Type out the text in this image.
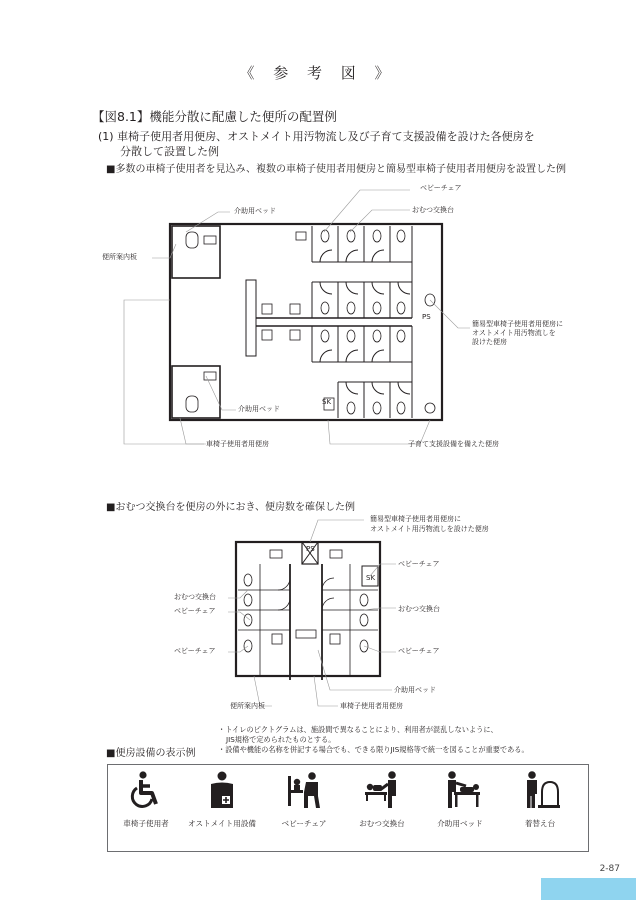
《 参 考 図 》
【図8.1】機能分散に配慮した便所の配置例
(1) 車椅子使用者用便房、オストメイト用汚物流し及び子育て支援設備を設けた各便房を
分散して設置した例
■多数の車椅子使用者を見込み、複数の車椅子使用者用便房と簡易型車椅子使用者用便房を設置した例
ベビーチェア
おむつ交換台
介助用ベッド
便所案内板
簡易型車椅子使用者用便房に
オストメイト用汚物流しを
設けた便房
PS
介助用ベッド
SK
車椅子使用者用便房	子育て支援設備を備えた便房
■おむつ交換台を便房の外におき、便房数を確保した例
簡易型車椅子使用者用便房に
オストメイト用汚物流しを設けた便房
PS
SK
ベビーチェア
おむつ交換台
ベビーチェア	おむつ交換台
ベビーチェア	ベビーチェア
介助用ベッド
便所案内板	車椅子使用者用便房
・トイレのピクトグラムは、施設間で異なることにより、利用者が混乱しないように、
JIS規格で定められたものとする。
・設備や機能の名称を併記する場合でも、できる限りJIS規格等で統一を図ることが重要である。
■便房設備の表示例
車椅子使用者	オストメイト用設備	ベビーチェア	おむつ交換台	介助用ベッド	着替え台
2-87
